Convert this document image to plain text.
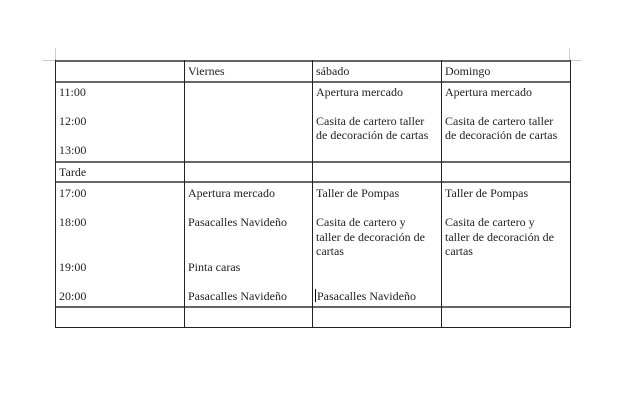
Viernes	sábado	Domingo
11:00
12:00
13:00
Apertura mercado
Casita de cartero taller
de decoración de cartas
Apertura mercado
Casita de cartero taller
de decoración de cartas
Tarde
17:00
18:00
19:00
20:00
Apertura mercado
Pasacalles Navideño
Pinta caras
Pasacalles Navideño
Taller de Pompas
Casita de cartero y
taller de decoración de
cartas
Pasacalles Navideño
Taller de Pompas
Casita de cartero y
taller de decoración de
cartas
